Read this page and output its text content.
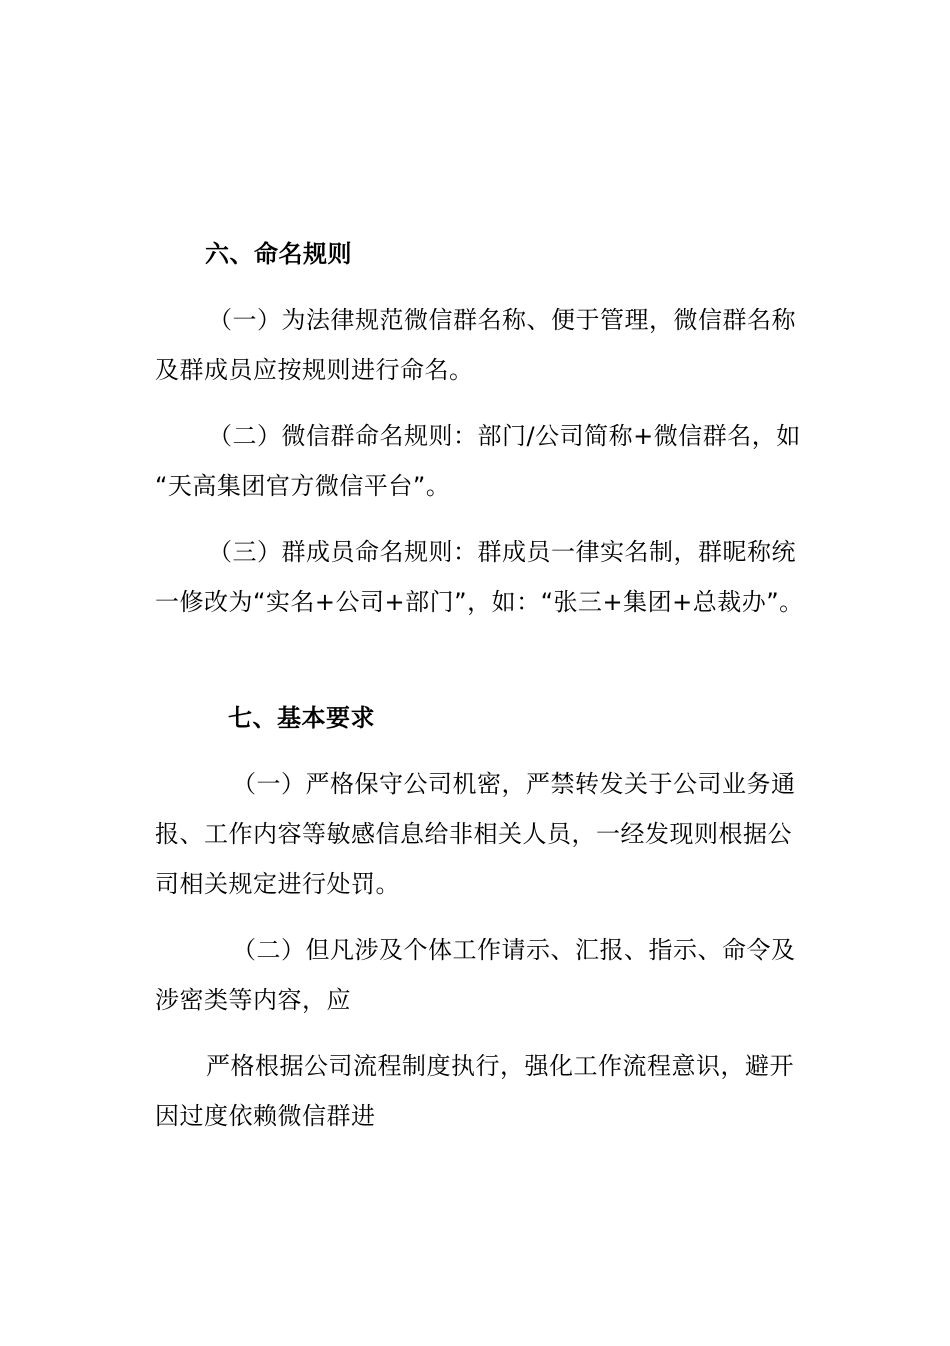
六、命名规则
（一）为法律规范微信群名称、便于管理，微信群名称
及群成员应按规则进行命名。
（二）微信群命名规则：部门/公司简称+微信群名，如
“天高集团官方微信平台”。
（三）群成员命名规则：群成员一律实名制，群昵称统
一修改为“实名+公司+部门”，如：“张三+集团+总裁办”。
七、基本要求
（一）严格保守公司机密，严禁转发关于公司业务通
报、工作内容等敏感信息给非相关人员，一经发现则根据公
司相关规定进行处罚。
（二）但凡涉及个体工作请示、汇报、指示、命令及
涉密类等内容，应
严格根据公司流程制度执行，强化工作流程意识，避开
因过度依赖微信群进
